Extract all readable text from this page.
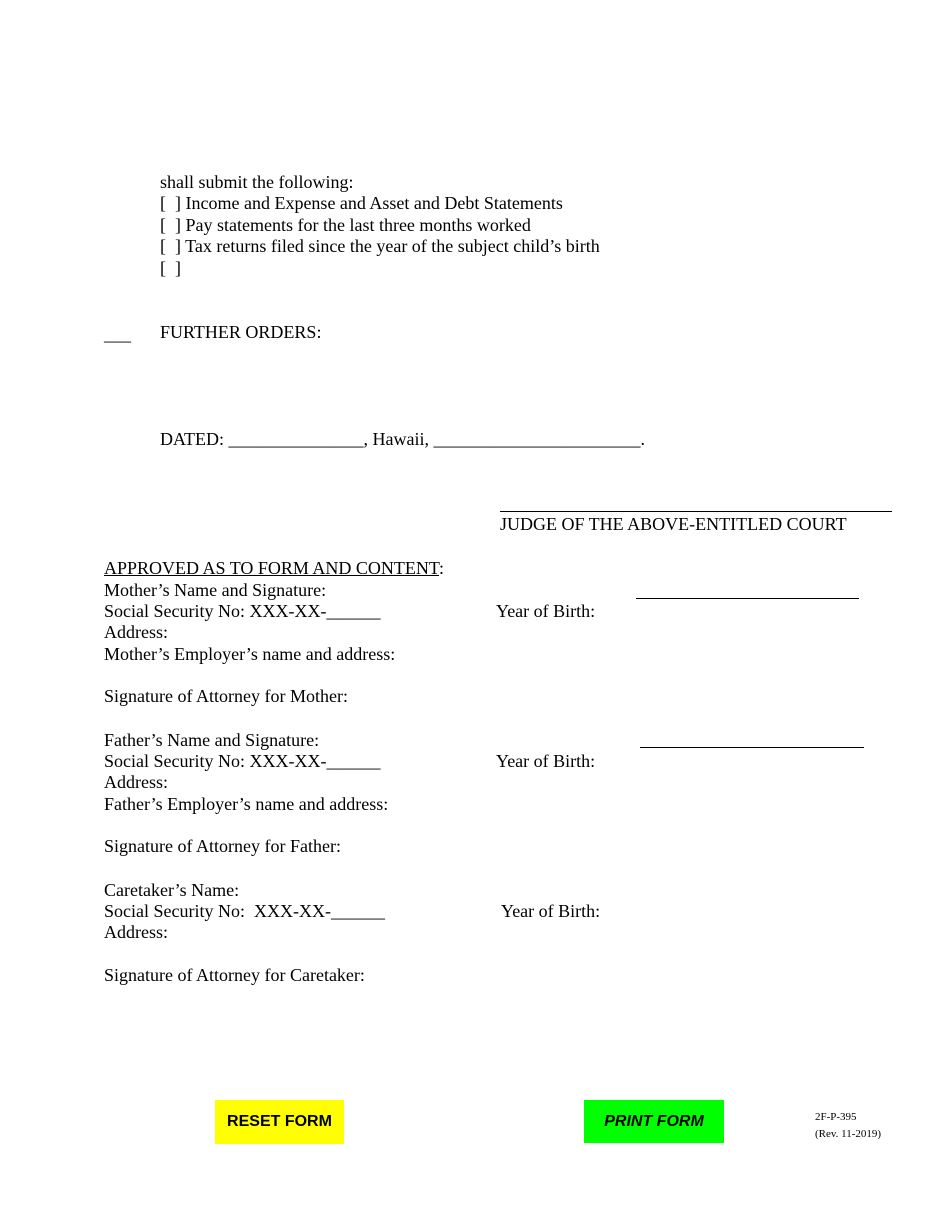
shall submit the following:
[  ] Income and Expense and Asset and Debt Statements
[  ] Pay statements for the last three months worked
[  ] Tax returns filed since the year of the subject child’s birth
[  ]
___ FURTHER ORDERS:
DATED: _______________, Hawaii, _______________________.
JUDGE OF THE ABOVE-ENTITLED COURT
APPROVED AS TO FORM AND CONTENT:
Mother’s Name and Signature:
Social Security No: XXX-XX-______	Year of Birth:
Address:
Mother’s Employer’s name and address:
Signature of Attorney for Mother:
Father’s Name and Signature:
Social Security No: XXX-XX-______	Year of Birth:
Address:
Father’s Employer’s name and address:
Signature of Attorney for Father:
Caretaker’s Name:
Social Security No:  XXX-XX-______	Year of Birth:
Address:
Signature of Attorney for Caretaker:
RESET FORM	PRINT FORM	2F-P-395
(Rev. 11-2019)
